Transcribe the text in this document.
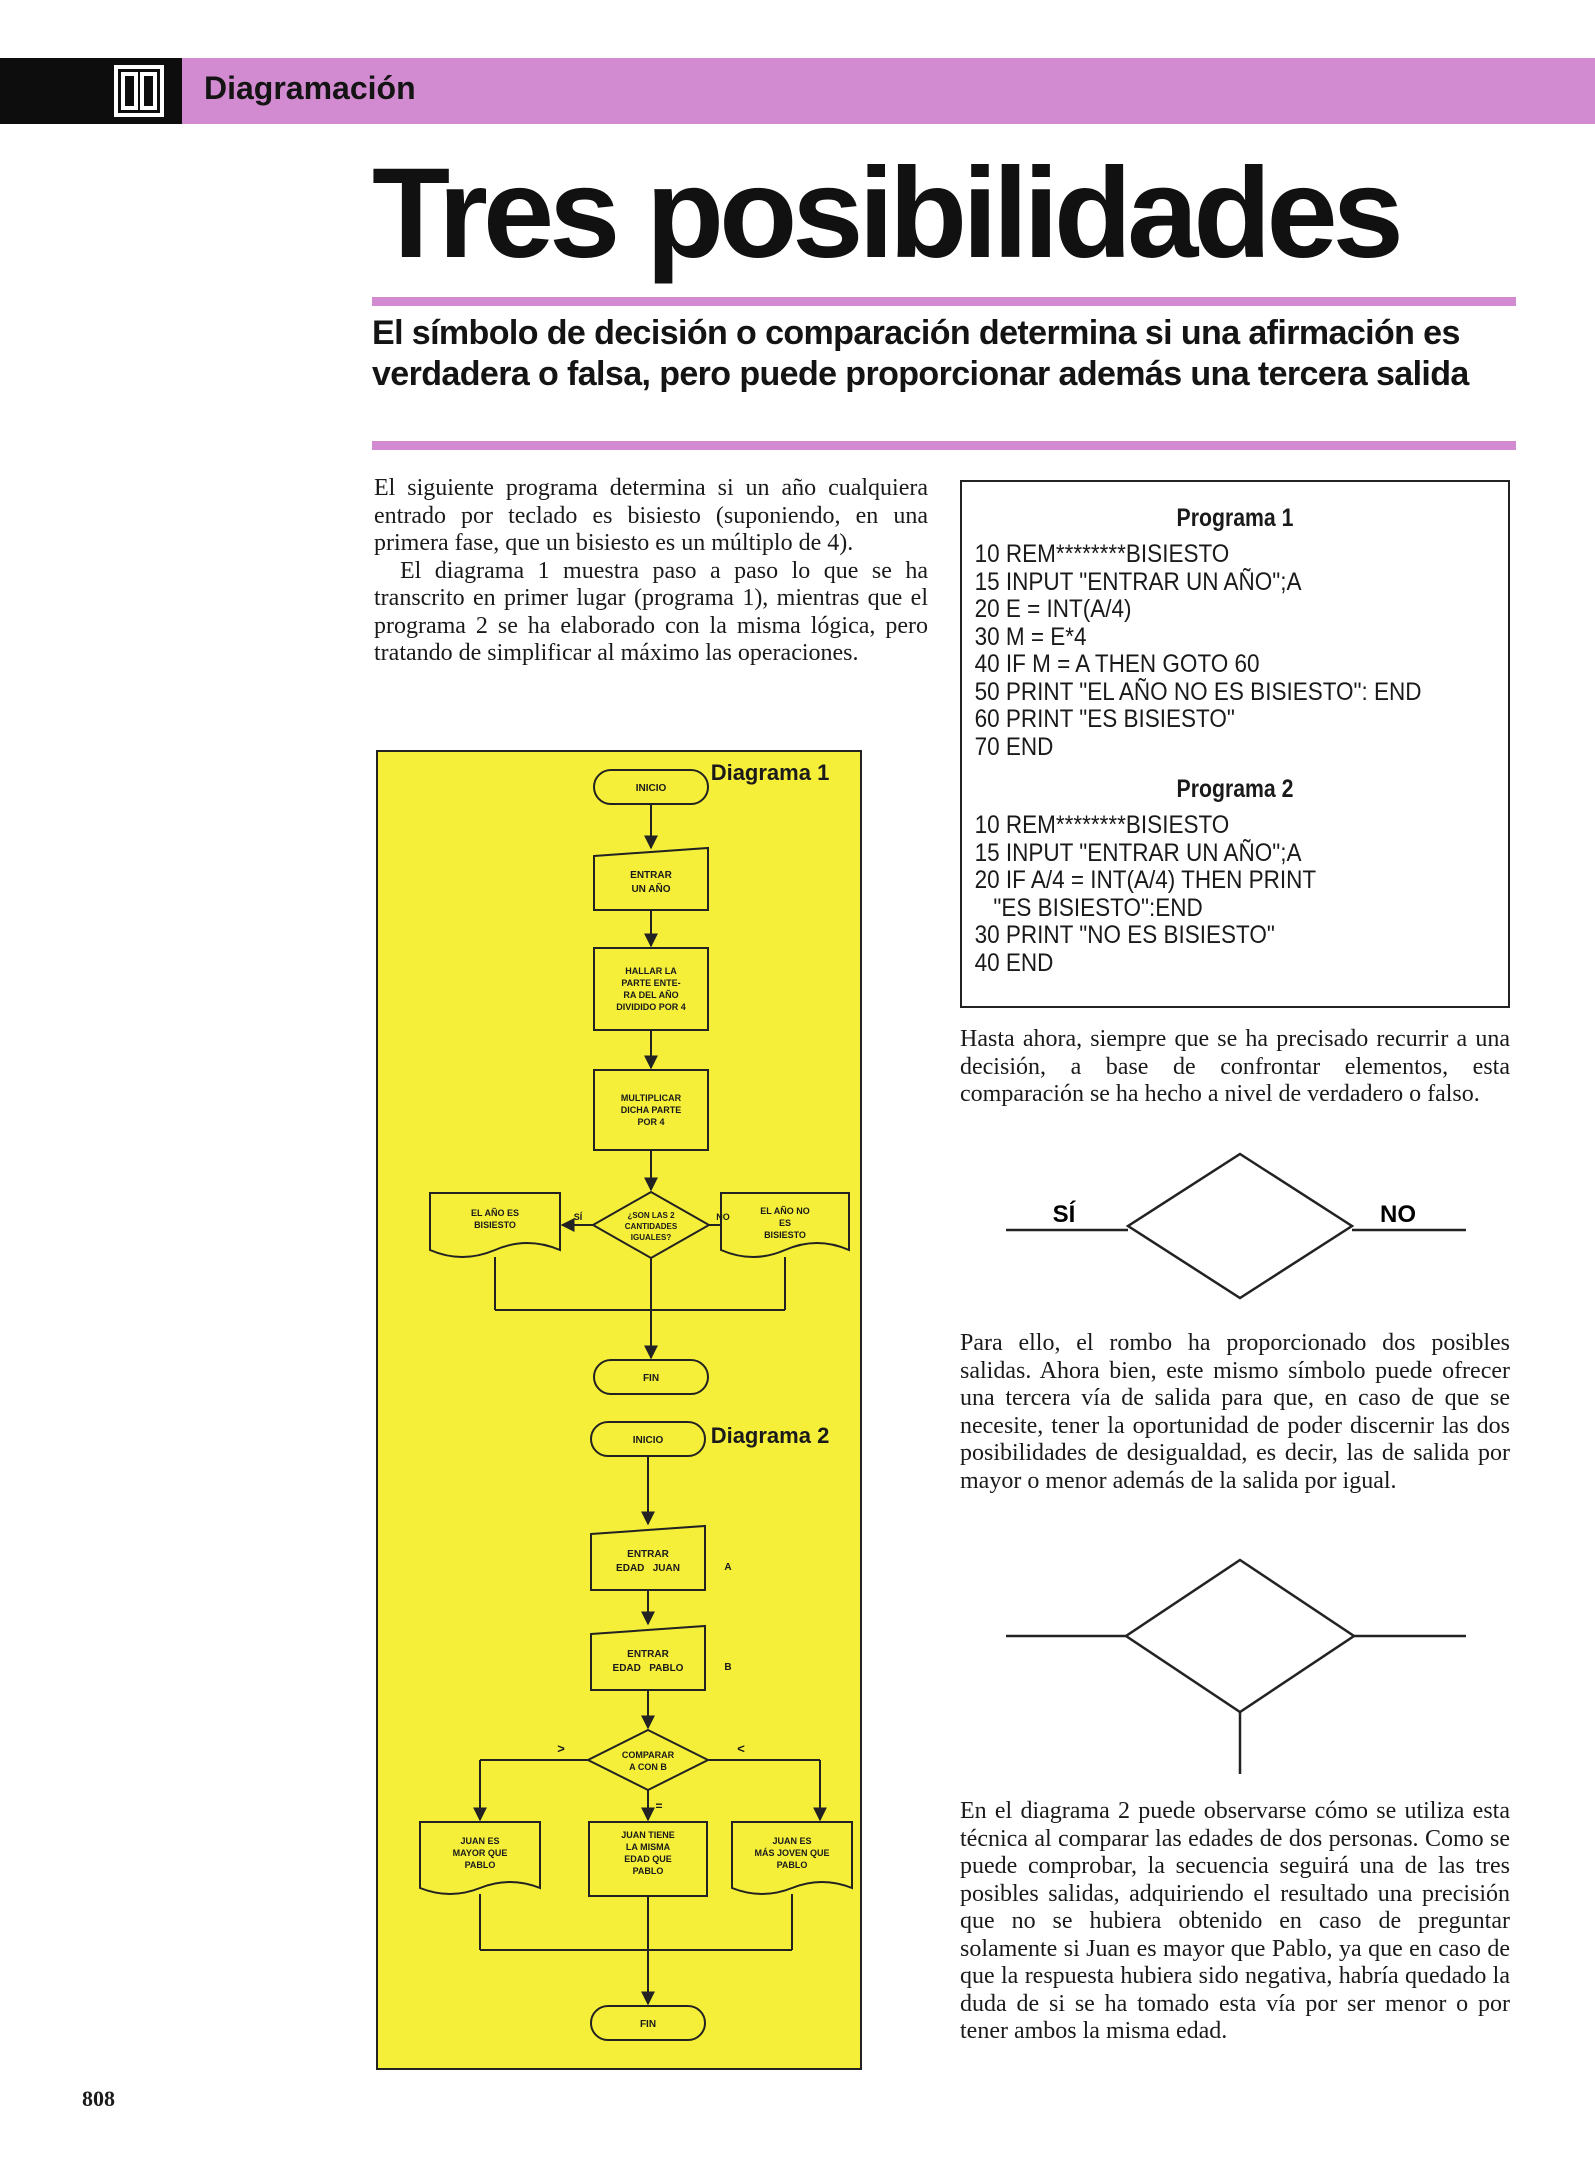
Diagramación
Tres posibilidades
El símbolo de decisión o comparación determina si una afirmación es verdadera o falsa, pero puede proporcionar además una tercera salida

El siguiente programa determina si un año cualquiera entrado por teclado es bisiesto (suponiendo, en una primera fase, que un bisiesto es un múltiplo de 4).

El diagrama 1 muestra paso a paso lo que se ha transcrito en primer lugar (programa 1), mientras que el programa 2 se ha elaborado con la misma lógica, pero tratando de simplificar al máximo las operaciones.

Programa 1
10 REM********BISIESTO
15 INPUT "ENTRAR UN AÑO";A
20 E = INT(A/4)
30 M = E*4
40 IF M = A THEN GOTO 60
50 PRINT "EL AÑO NO ES BISIESTO": END
60 PRINT "ES BISIESTO"
70 END
Programa 2
10 REM********BISIESTO
15 INPUT "ENTRAR UN AÑO";A
20 IF A/4 = INT(A/4) THEN PRINT
"ES BISIESTO":END
30 PRINT "NO ES BISIESTO"
40 END
Diagrama 1
INICIO
ENTRAR
UN AÑO
HALLAR LA
PARTE ENTE-
RA DEL AÑO
DIVIDIDO POR 4
MULTIPLICAR
DICHA PARTE
POR 4
¿SON LAS 2
CANTIDADES
IGUALES?
SÍ	NO
EL AÑO ES
BISIESTO
EL AÑO NO
ES
BISIESTO
FIN
Diagrama 2
INICIO
ENTRAR
EDAD   JUAN	A
ENTRAR
EDAD   PABLO	B
COMPARAR
A CON B
>	<
=
JUAN ES
MAYOR QUE
PABLO
JUAN TIENE
LA MISMA
EDAD QUE
PABLO
JUAN ES
MÁS JOVEN QUE
PABLO
FIN
Hasta ahora, siempre que se ha precisado recurrir a una decisión, a base de confrontar elementos, esta comparación se ha hecho a nivel de verdadero o falso.
SÍ	NO
Para ello, el rombo ha proporcionado dos posibles salidas. Ahora bien, este mismo símbolo puede ofrecer una tercera vía de salida para que, en caso de que se necesite, tener la oportunidad de poder discernir las dos posibilidades de desigualdad, es decir, las de salida por mayor o menor además de la salida por igual.
En el diagrama 2 puede observarse cómo se utiliza esta técnica al comparar las edades de dos personas. Como se puede comprobar, la secuencia seguirá una de las tres posibles salidas, adquiriendo el resultado una precisión que no se hubiera obtenido en caso de preguntar solamente si Juan es mayor que Pablo, ya que en caso de que la respuesta hubiera sido negativa, habría quedado la duda de si se ha tomado esta vía por ser menor o por tener ambos la misma edad.
808
